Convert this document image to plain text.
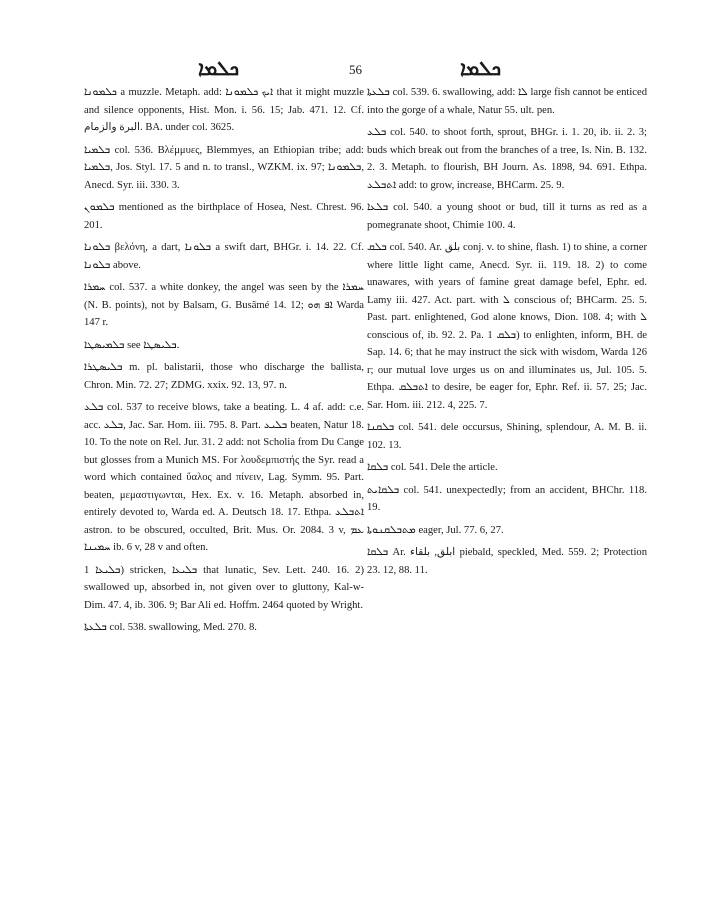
ܟܠܡܐ	56	ܟܠܡܐ

ܟܠܡܘܢܐ a muzzle. Metaph. add: ܐܝܟ ܟܠܡܘܢܐ that it might muzzle and silence opponents, Hist. Mon. i. 56. 15; Jab. 471. 12. Cf. البرة والزمام. BA. under col. 3625.

ܒܠܡܝܐ col. 536. Βλέμμυες, Blemmyes, an Ethiopian tribe; add: ܒܠܡܝܐ, Jos. Styl. 17. 5 and n. to transl., WZKM. ix. 97; ܒܠܡܘܢܐ, Anecd. Syr. iii. 330. 3.

ܒܠܡܘܢ mentioned as the birthplace of Hosea, Nest. Chrest. 96. 201.

ܒܠܘܢܐ βελόνη, a dart, ܒܠܘܢܐ a swift dart, BHGr. i. 14. 22. Cf. ܒܠܘܢܐ above.

ܚܡܪܐ col. 537. a white donkey, the angel was seen by the ܚܡܪܐ (N. B. points), not by Balsam, G. Busâmé 14. 12; ܐܦ ܗܘ Warda 147 r.

ܒܠܡܝܣܛܐ see ܒܠܝܣܛܐ.

ܒܠܝܣܛܪܐ m. pl. balistarii, those who discharge the ballista, Chron. Min. 72. 27; ZDMG. xxix. 92. 13, 97. n.

ܒܠܥ col. 537 to receive blows, take a beating. L. 4 af. add: c.e. acc. ܒܠܥ, Jac. Sar. Hom. iii. 795. 8. Part. ܒܠܝܥ beaten, Natur 18. 10. To the note on Rel. Jur. 31. 2 add: not Scholia from Du Cange but glosses from a Munich MS. For λουδεμπιστής the Syr. read a word which contained ὕαλος and πίνειν, Lag. Symm. 95. Part. beaten, μεμαστιγωνται, Hex. Ex. v. 16. Metaph. absorbed in, entirely devoted to, Warda ed. A. Deutsch 18. 17. Ethpa. ܐܬܒܠܥ astron. to be obscured, occulted, Brit. Mus. Or. 2084. 3 v, ܥܡ ܚܡܝܢܐ ib. 6 v, 28 v and often.

ܒܠܝܥܐ 1) stricken, ܒܠܝܥܐ that lunatic, Sev. Lett. 240. 16. 2) swallowed up, absorbed in, not given over to gluttony, Kal-w-Dim. 47. 4, ib. 306. 9; Bar Ali ed. Hoffm. 2464 quoted by Wright.

ܒܠܥܬܐ col. 538. swallowing, Med. 270. 8.

ܒܠܥܬܐ col. 539. 6. swallowing, add: ܠܐ large fish cannot be enticed into the gorge of a whale, Natur 55. ult. pen.

ܒܠܥ col. 540. to shoot forth, sprout, BHGr. i. 1. 20, ib. ii. 2. 3; buds which break out from the branches of a tree, Is. Nin. B. 132. 2. 3. Metaph. to flourish, BH Journ. As. 1898, 94. 691. Ethpa. ܐܬܒܠܥ add: to grow, increase, BHCarm. 25. 9.

ܒܠܥܐ col. 540. a young shoot or bud, till it turns as red as a pomegranate shoot, Chimie 100. 4.

ܒܠܩ col. 540. Ar. بلق conj. v. to shine, flash. 1) to shine, a corner where little light came, Anecd. Syr. ii. 119. 18. 2) to come unawares, with years of famine great damage befel, Ephr. ed. Lamy iii. 427. Act. part. with ܠ conscious of; BHCarm. 25. 5. Past. part. enlightened, God alone knows, Dion. 108. 4; with ܠ conscious of, ib. 92. 2. Pa. ܒܠܩ 1) to enlighten, inform, BH. de Sap. 14. 6; that he may instruct the sick with wisdom, Warda 126 r; our mutual love urges us on and illuminates us, Jul. 105. 5. Ethpa. ܐܬܒܠܩ to desire, be eager for, Ephr. Ref. ii. 57. 25; Jac. Sar. Hom. iii. 212. 4, 225. 7.

ܒܠܩܢܐ col. 541. dele occursus, Shining, splendour, A. M. B. ii. 102. 13.

ܒܠܩܐ col. 541. Dele the article.

ܒܠܩܐܝܬ col. 541. unexpectedly; from an accident, BHChr. 118. 19.

ܡܬܒܠܩܢܘܬܐ eager, Jul. 77. 6, 27.

ܒܠܩܐ Ar. ابلق, بلقاء piebald, speckled, Med. 559. 2; Protection 23. 12, 88. 11.
